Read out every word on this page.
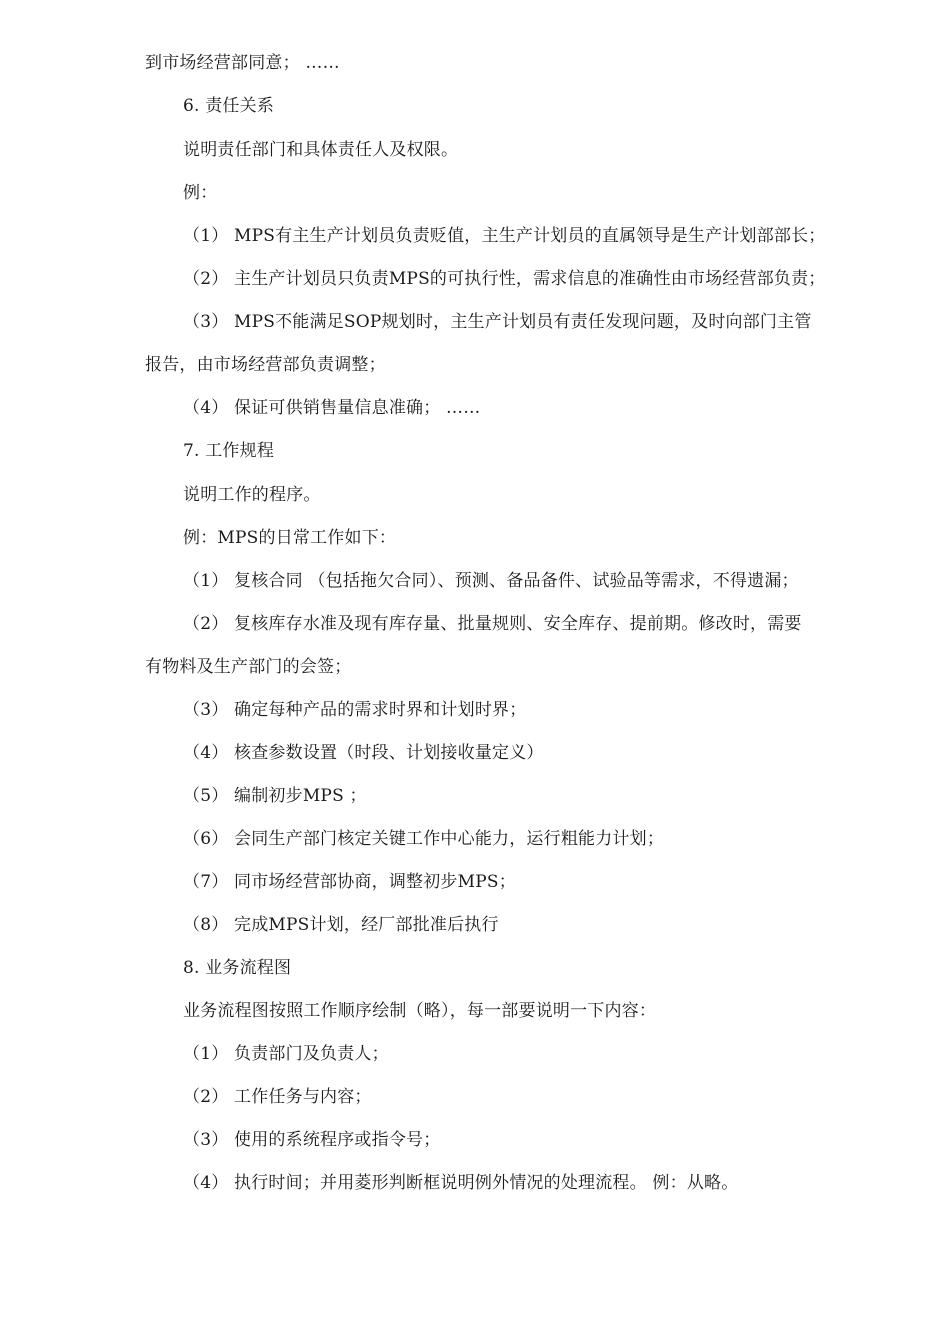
到市场经营部同意； ……
6. 责任关系
说明责任部门和具体责任人及权限。
例：
（1） MPS有主生产计划员负责贬值，主生产计划员的直属领导是生产计划部部长；
（2） 主生产计划员只负责MPS的可执行性，需求信息的准确性由市场经营部负责；
（3） MPS不能满足SOP规划时，主生产计划员有责任发现问题，及时向部门主管
报告，由市场经营部负责调整；
（4） 保证可供销售量信息准确； ……
7. 工作规程
说明工作的程序。
例：MPS的日常工作如下：
（1） 复核合同 （包括拖欠合同）、预测、备品备件、试验品等需求，不得遗漏；
（2） 复核库存水准及现有库存量、批量规则、安全库存、提前期。修改时，需要
有物料及生产部门的会签；
（3） 确定每种产品的需求时界和计划时界；
（4） 核查参数设置（时段、计划接收量定义）
（5） 编制初步MPS ；
（6） 会同生产部门核定关键工作中心能力，运行粗能力计划；
（7） 同市场经营部协商，调整初步MPS；
（8） 完成MPS计划，经厂部批准后执行
8. 业务流程图
业务流程图按照工作顺序绘制（略），每一部要说明一下内容：
（1） 负责部门及负责人；
（2） 工作任务与内容；
（3） 使用的系统程序或指令号；
（4） 执行时间；并用菱形判断框说明例外情况的处理流程。 例：从略。
